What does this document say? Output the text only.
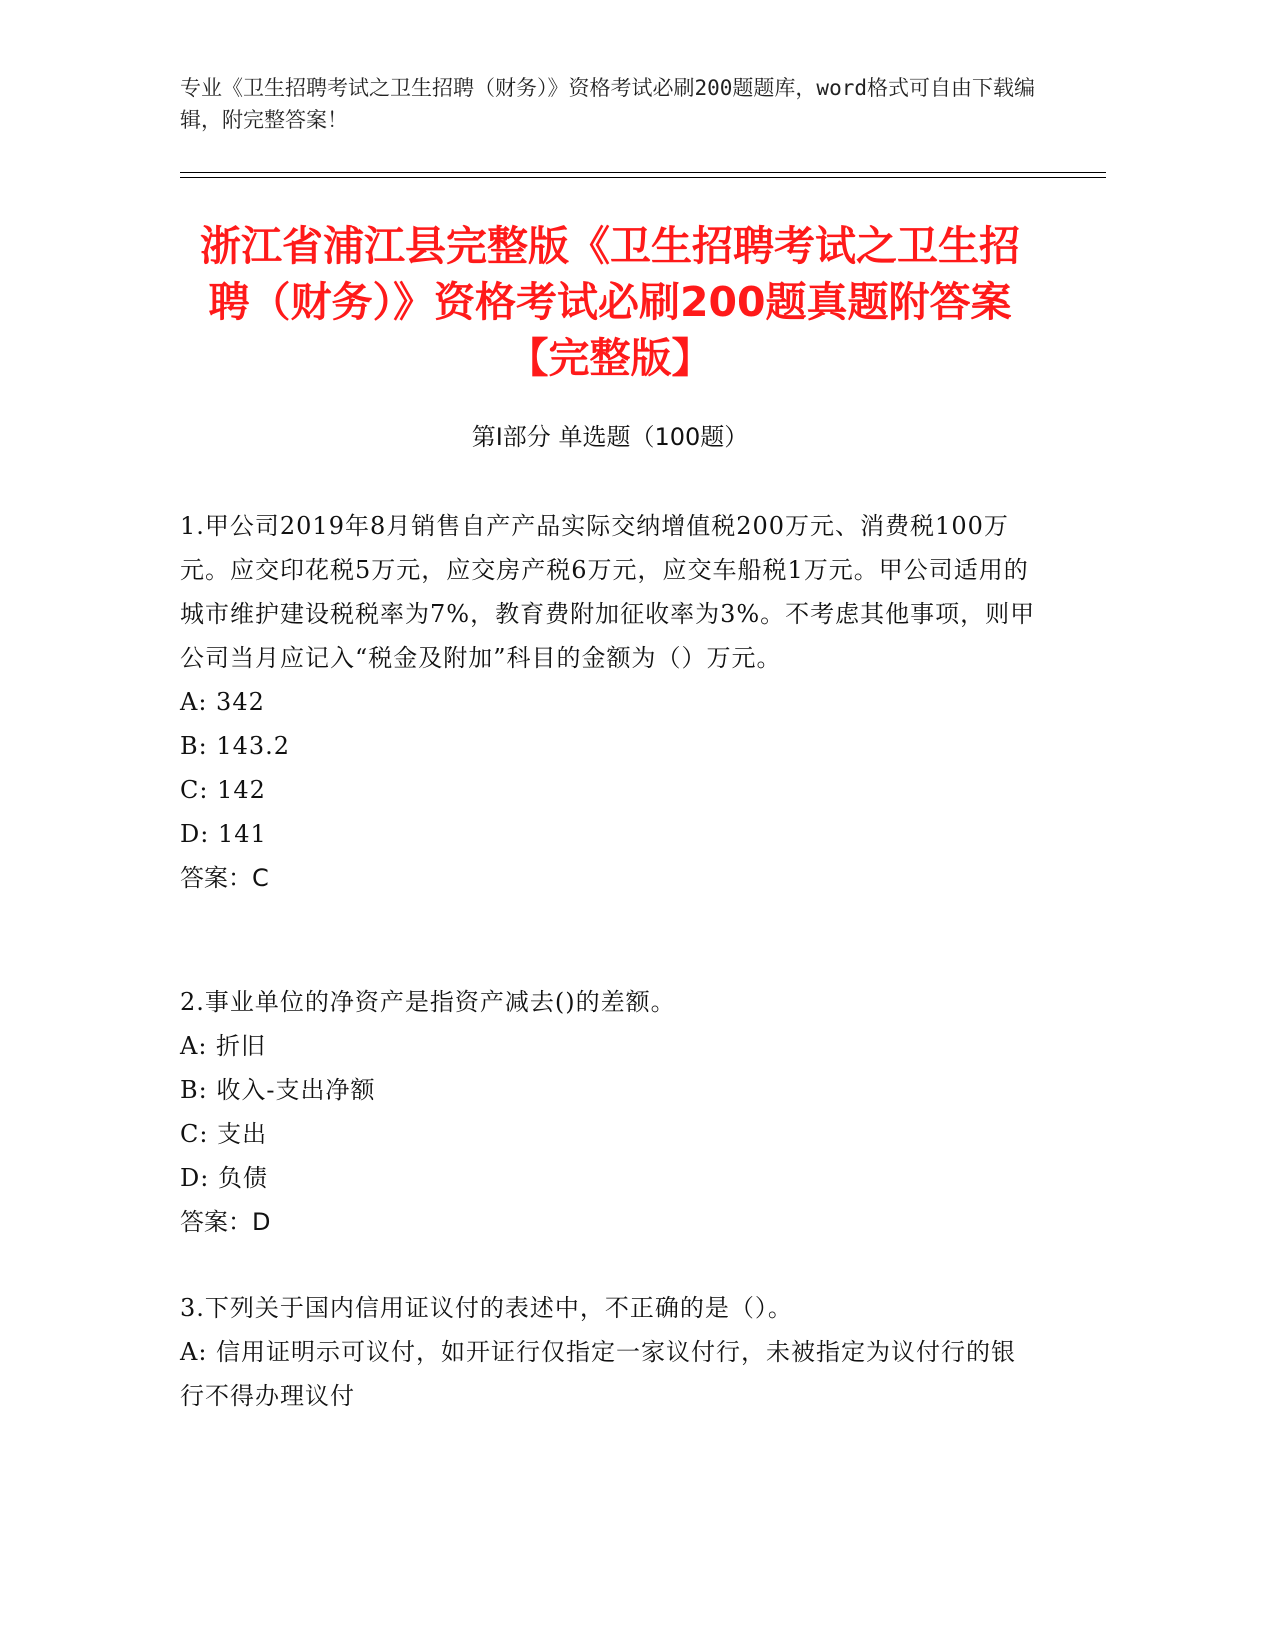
专业《卫生招聘考试之卫生招聘（财务）》资格考试必刷200题题库，word格式可自由下载编辑，附完整答案！
浙江省浦江县完整版《卫生招聘考试之卫生招聘（财务）》资格考试必刷200题真题附答案【完整版】
第I部分 单选题（100题）
1.甲公司2019年8月销售自产产品实际交纳增值税200万元、消费税100万元。应交印花税5万元，应交房产税6万元，应交车船税1万元。甲公司适用的城市维护建设税税率为7%，教育费附加征收率为3%。不考虑其他事项，则甲公司当月应记入“税金及附加”科目的金额为（）万元。
A: 342
B: 143.2
C: 142
D: 141
答案：C
2.事业单位的净资产是指资产减去()的差额。
A: 折旧
B: 收入-支出净额
C: 支出
D: 负债
答案：D
3.下列关于国内信用证议付的表述中，不正确的是（）。
A: 信用证明示可议付，如开证行仅指定一家议付行，未被指定为议付行的银行不得办理议付
